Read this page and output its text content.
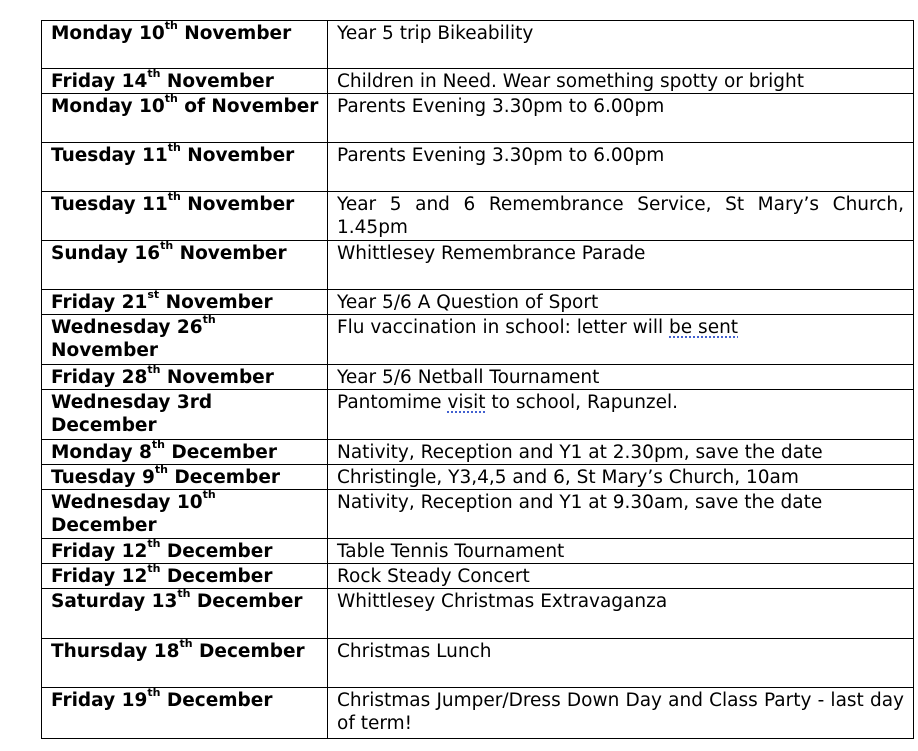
Monday 10th November	Year 5 trip Bikeability
Friday 14th November	Children in Need. Wear something spotty or bright
Monday 10th of November	Parents Evening 3.30pm to 6.00pm
Tuesday 11th November	Parents Evening 3.30pm to 6.00pm
Tuesday 11th November	Year 5 and 6 Remembrance Service, St Mary’s Church, 1.45pm
Sunday 16th November	Whittlesey Remembrance Parade
Friday 21st November	Year 5/6 A Question of Sport
Wednesday 26th November	Flu vaccination in school: letter will be sent
Friday 28th November	Year 5/6 Netball Tournament
Wednesday 3rd December	Pantomime visit to school, Rapunzel.
Monday 8th December	Nativity, Reception and Y1 at 2.30pm, save the date
Tuesday 9th December	Christingle, Y3,4,5 and 6, St Mary’s Church, 10am
Wednesday 10th December	Nativity, Reception and Y1 at 9.30am, save the date
Friday 12th December	Table Tennis Tournament
Friday 12th December	Rock Steady Concert
Saturday 13th December	Whittlesey Christmas Extravaganza
Thursday 18th December	Christmas Lunch
Friday 19th December	Christmas Jumper/Dress Down Day and Class Party - last day of term!
